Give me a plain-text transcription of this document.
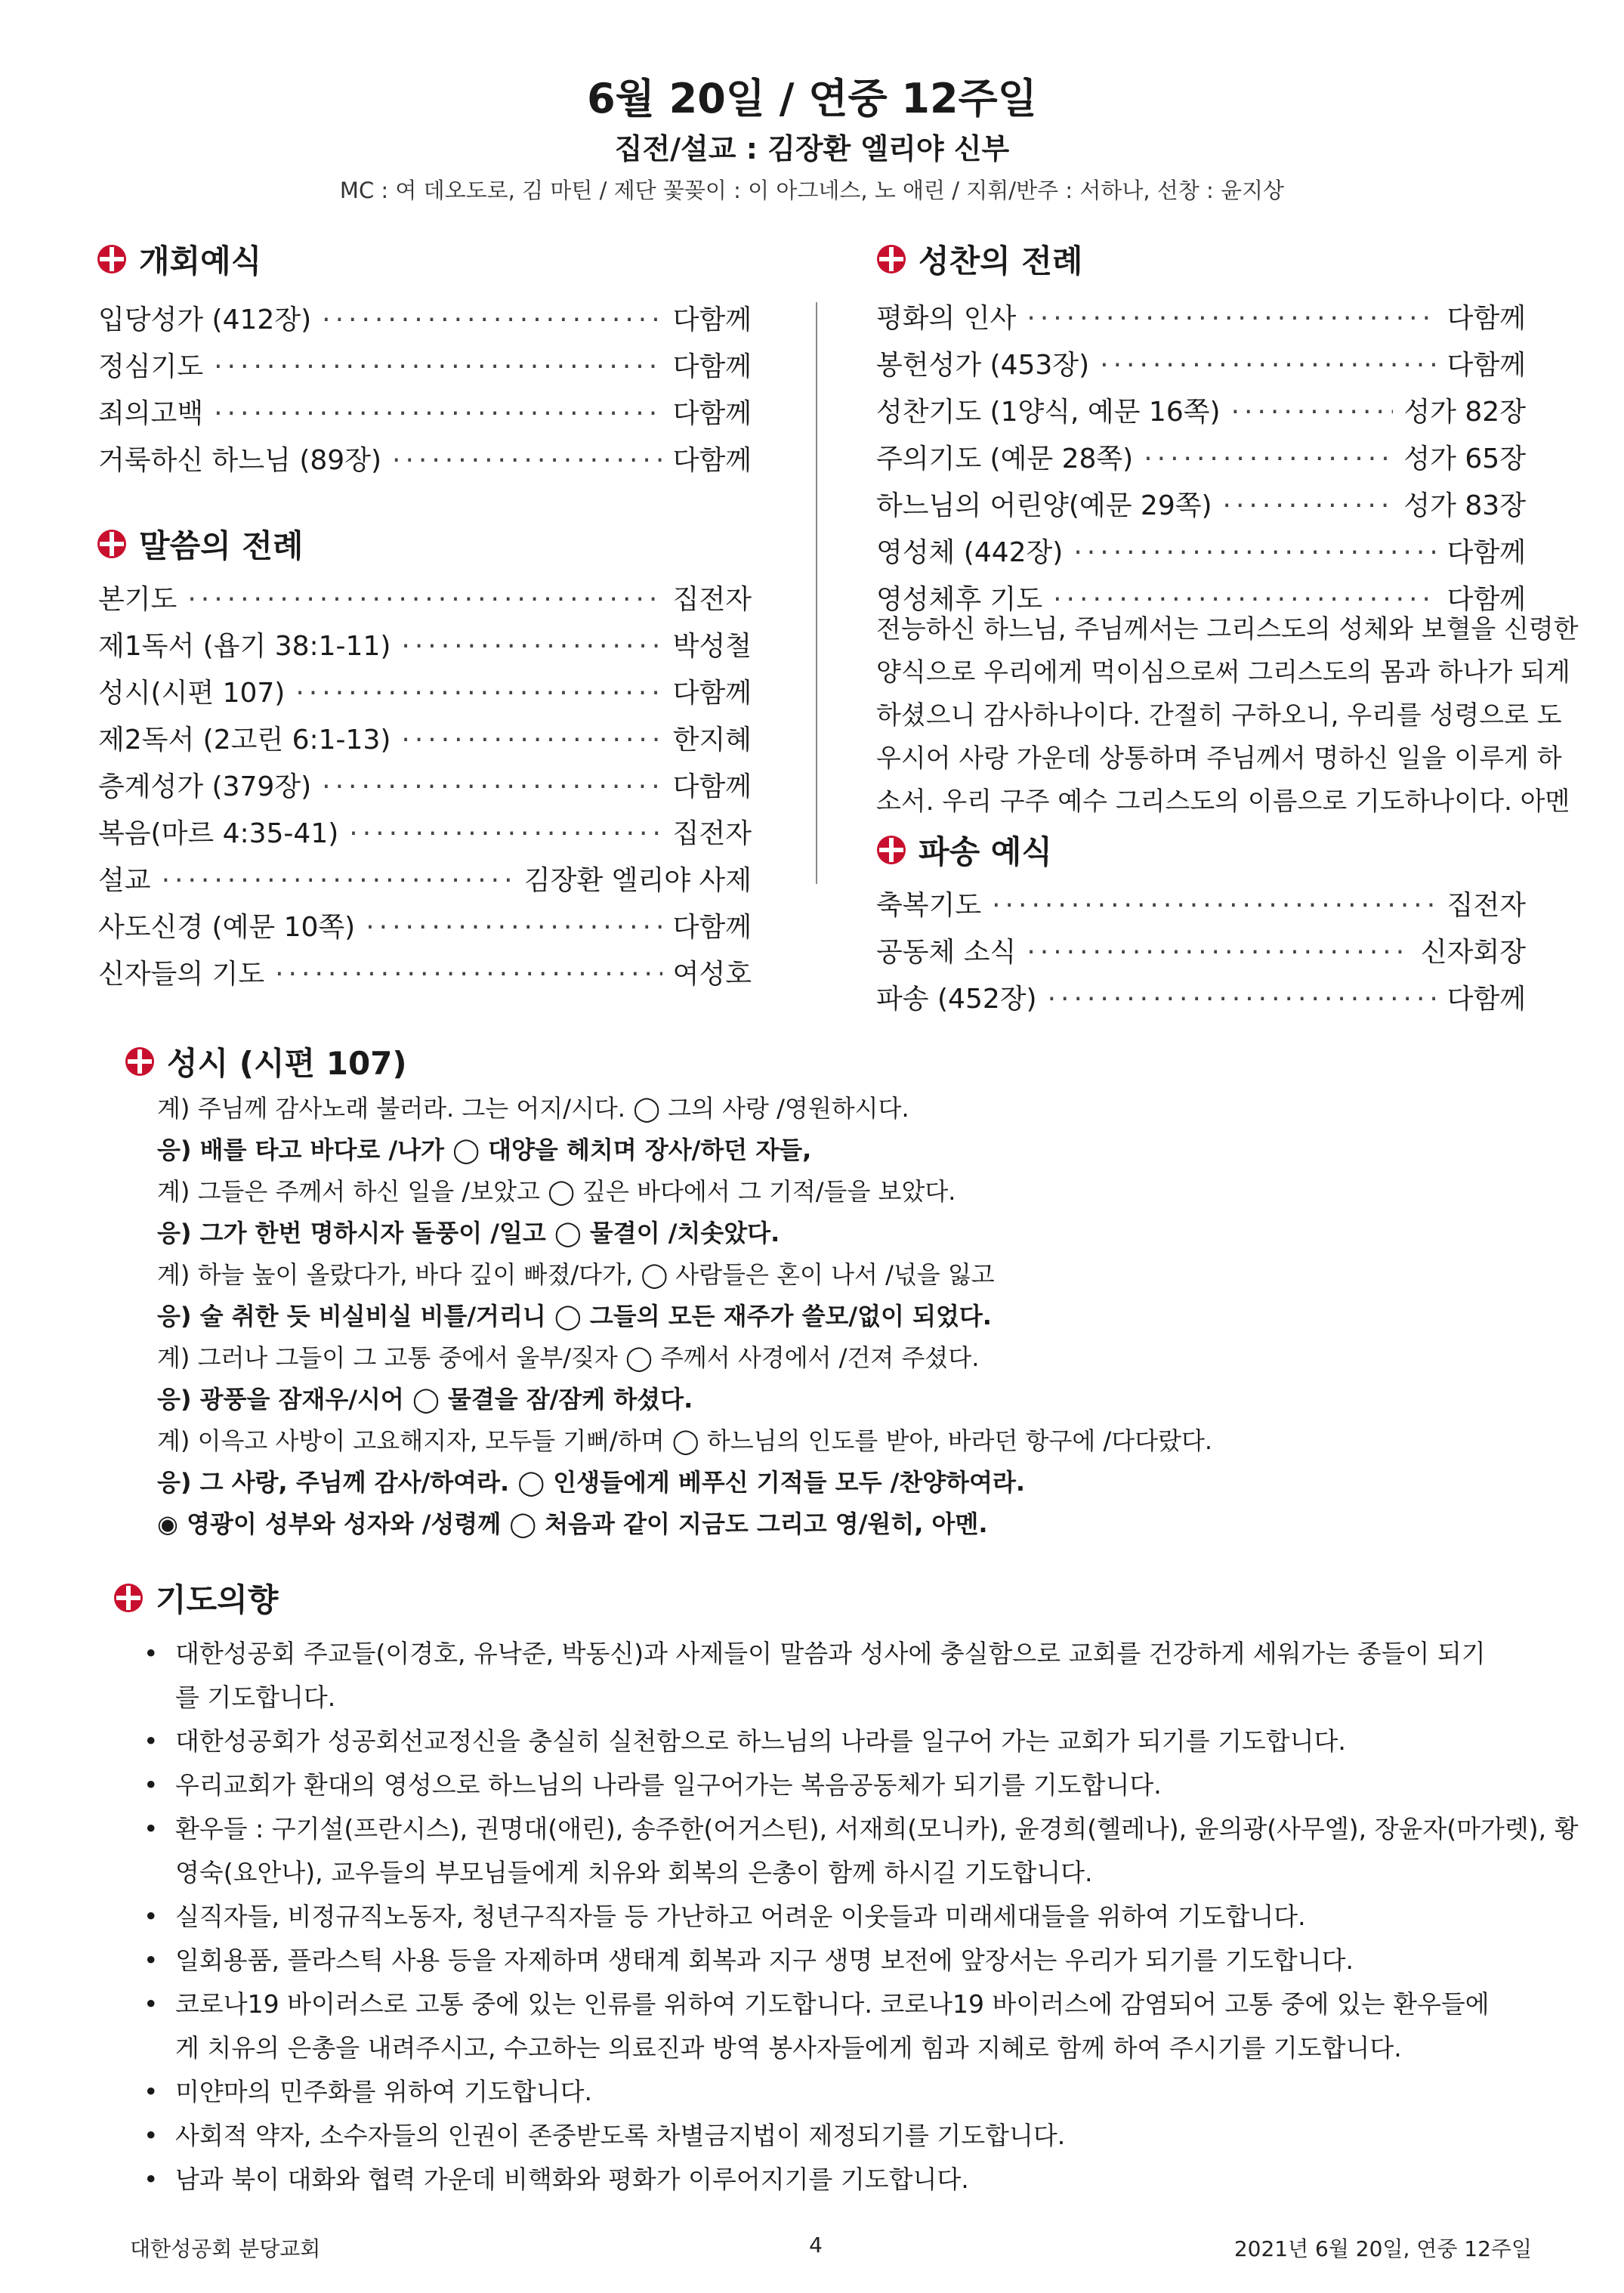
6월 20일 / 연중 12주일
집전/설교 : 김장환 엘리야 신부
MC : 여 데오도로, 김 마틴 / 제단 꽃꽂이 : 이 아그네스, 노 애린 / 지휘/반주 : 서하나, 선창 : 윤지상
개회예식
입당성가 (412장) ·····	다함께
정심기도 ·····	다함께
죄의고백 ·····	다함께
거룩하신 하느님 (89장) ·····	다함께
말씀의 전례
본기도 ·····	집전자
제1독서 (욥기 38:1-11) ·····	박성철
성시(시편 107) ·····	다함께
제2독서 (2고린 6:1-13) ·····	한지혜
층계성가 (379장) ·····	다함께
복음(마르 4:35-41) ·····	집전자
설교 ·····	김장환 엘리야 사제
사도신경 (예문 10쪽) ·····	다함께
신자들의 기도 ·····	여성호
성찬의 전례
평화의 인사 ·····	다함께
봉헌성가 (453장) ·····	다함께
성찬기도 (1양식, 예문 16쪽) ·····	성가 82장
주의기도 (예문 28쪽) ·····	성가 65장
하느님의 어린양(예문 29쪽) ·····	성가 83장
영성체 (442장) ·····	다함께
영성체후 기도 ·····	다함께
전능하신 하느님, 주님께서는 그리스도의 성체와 보혈을 신령한
양식으로 우리에게 먹이심으로써 그리스도의 몸과 하나가 되게
하셨으니 감사하나이다. 간절히 구하오니, 우리를 성령으로 도
우시어 사랑 가운데 상통하며 주님께서 명하신 일을 이루게 하
소서. 우리 구주 예수 그리스도의 이름으로 기도하나이다. 아멘
파송 예식
축복기도 ·····	집전자
공동체 소식 ·····	신자회장
파송 (452장) ·····	다함께
성시 (시편 107)
계) 주님께 감사노래 불러라. 그는 어지/시다. ◯ 그의 사랑 /영원하시다.
응) 배를 타고 바다로 /나가 ◯ 대양을 헤치며 장사/하던 자들,
계) 그들은 주께서 하신 일을 /보았고 ◯ 깊은 바다에서 그 기적/들을 보았다.
응) 그가 한번 명하시자 돌풍이 /일고 ◯ 물결이 /치솟았다.
계) 하늘 높이 올랐다가, 바다 깊이 빠졌/다가, ◯ 사람들은 혼이 나서 /넋을 잃고
응) 술 취한 듯 비실비실 비틀/거리니 ◯ 그들의 모든 재주가 쓸모/없이 되었다.
계) 그러나 그들이 그 고통 중에서 울부/짖자 ◯ 주께서 사경에서 /건져 주셨다.
응) 광풍을 잠재우/시어 ◯ 물결을 잠/잠케 하셨다.
계) 이윽고 사방이 고요해지자, 모두들 기뻐/하며 ◯ 하느님의 인도를 받아, 바라던 항구에 /다다랐다.
응) 그 사랑, 주님께 감사/하여라. ◯ 인생들에게 베푸신 기적들 모두 /찬양하여라.
◉ 영광이 성부와 성자와 /성령께 ◯ 처음과 같이 지금도 그리고 영/원히, 아멘.
기도의향
• 대한성공회 주교들(이경호, 유낙준, 박동신)과 사제들이 말씀과 성사에 충실함으로 교회를 건강하게 세워가는 종들이 되기
를 기도합니다.
• 대한성공회가 성공회선교정신을 충실히 실천함으로 하느님의 나라를 일구어 가는 교회가 되기를 기도합니다.
• 우리교회가 환대의 영성으로 하느님의 나라를 일구어가는 복음공동체가 되기를 기도합니다.
• 환우들 : 구기설(프란시스), 권명대(애린), 송주한(어거스틴), 서재희(모니카), 윤경희(헬레나), 윤의광(사무엘), 장윤자(마가렛), 황
영숙(요안나), 교우들의 부모님들에게 치유와 회복의 은총이 함께 하시길 기도합니다.
• 실직자들, 비정규직노동자, 청년구직자들 등 가난하고 어려운 이웃들과 미래세대들을 위하여 기도합니다.
• 일회용품, 플라스틱 사용 등을 자제하며 생태계 회복과 지구 생명 보전에 앞장서는 우리가 되기를 기도합니다.
• 코로나19 바이러스로 고통 중에 있는 인류를 위하여 기도합니다. 코로나19 바이러스에 감염되어 고통 중에 있는 환우들에
게 치유의 은총을 내려주시고, 수고하는 의료진과 방역 봉사자들에게 힘과 지혜로 함께 하여 주시기를 기도합니다.
• 미얀마의 민주화를 위하여 기도합니다.
• 사회적 약자, 소수자들의 인권이 존중받도록 차별금지법이 제정되기를 기도합니다.
• 남과 북이 대화와 협력 가운데 비핵화와 평화가 이루어지기를 기도합니다.
대한성공회 분당교회	4	2021년 6월 20일, 연중 12주일
